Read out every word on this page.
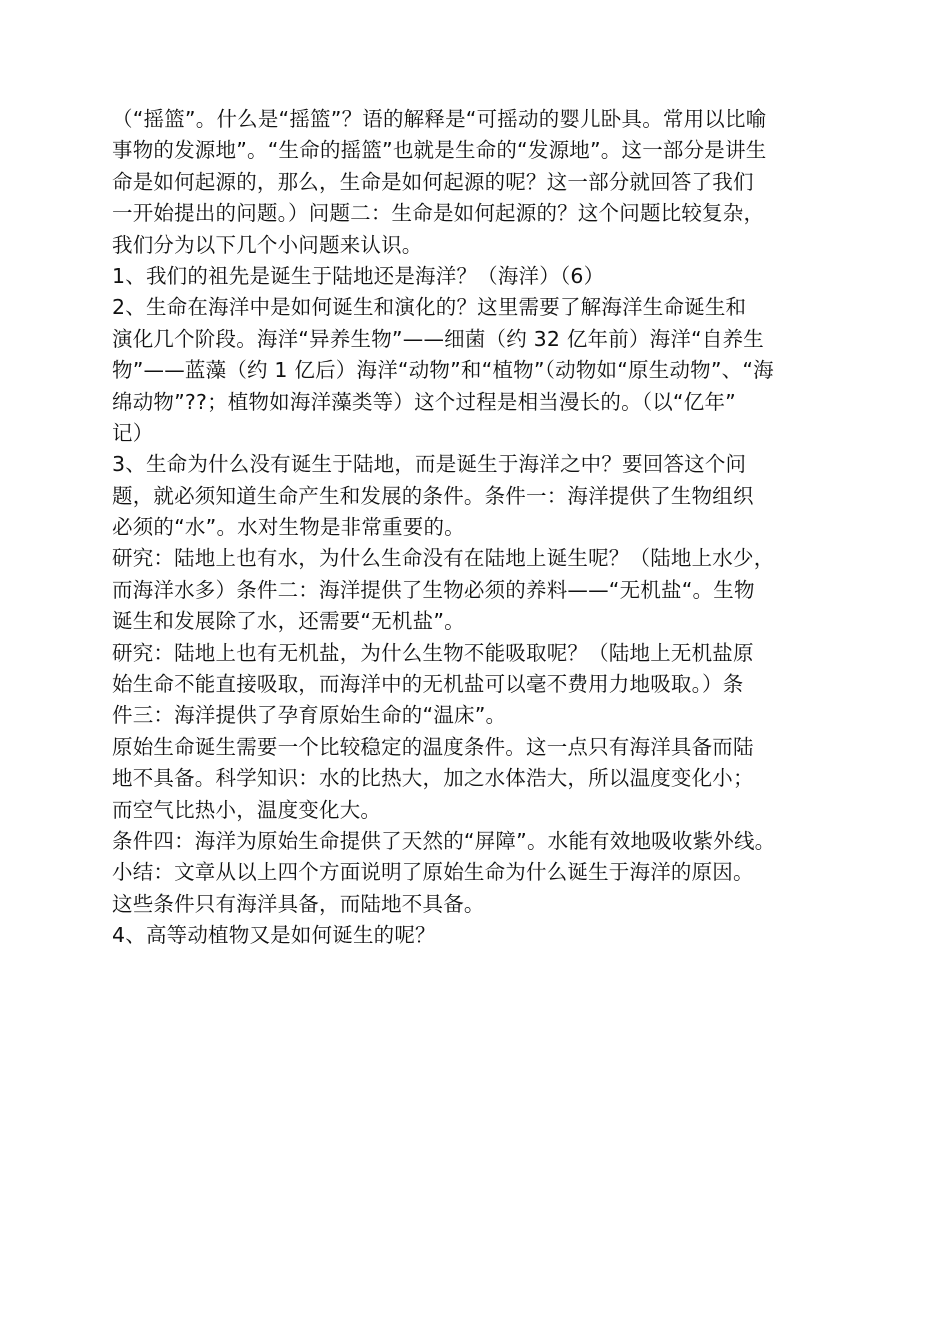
（“摇篮”。什么是“摇篮”？语的解释是“可摇动的婴儿卧具。常用以比喻
事物的发源地”。“生命的摇篮”也就是生命的“发源地”。这一部分是讲生
命是如何起源的，那么，生命是如何起源的呢？这一部分就回答了我们
一开始提出的问题。）问题二：生命是如何起源的？这个问题比较复杂，
我们分为以下几个小问题来认识。
1、我们的祖先是诞生于陆地还是海洋？（海洋）（6）
2、生命在海洋中是如何诞生和演化的？这里需要了解海洋生命诞生和
演化几个阶段。海洋“异养生物”——细菌（约 32 亿年前）海洋“自养生
物”——蓝藻（约 1 亿后）海洋“动物”和“植物”（动物如“原生动物”、“海
绵动物”??；植物如海洋藻类等）这个过程是相当漫长的。（以“亿年”
记）
3、生命为什么没有诞生于陆地，而是诞生于海洋之中？要回答这个问
题，就必须知道生命产生和发展的条件。条件一：海洋提供了生物组织
必须的“水”。水对生物是非常重要的。
研究：陆地上也有水，为什么生命没有在陆地上诞生呢？（陆地上水少，
而海洋水多）条件二：海洋提供了生物必须的养料——“无机盐“。生物
诞生和发展除了水，还需要“无机盐”。
研究：陆地上也有无机盐，为什么生物不能吸取呢？（陆地上无机盐原
始生命不能直接吸取，而海洋中的无机盐可以毫不费用力地吸取。）条
件三：海洋提供了孕育原始生命的“温床”。
原始生命诞生需要一个比较稳定的温度条件。这一点只有海洋具备而陆
地不具备。科学知识：水的比热大，加之水体浩大，所以温度变化小；
而空气比热小，温度变化大。
条件四：海洋为原始生命提供了天然的“屏障”。水能有效地吸收紫外线。
小结：文章从以上四个方面说明了原始生命为什么诞生于海洋的原因。
这些条件只有海洋具备，而陆地不具备。
4、高等动植物又是如何诞生的呢？
